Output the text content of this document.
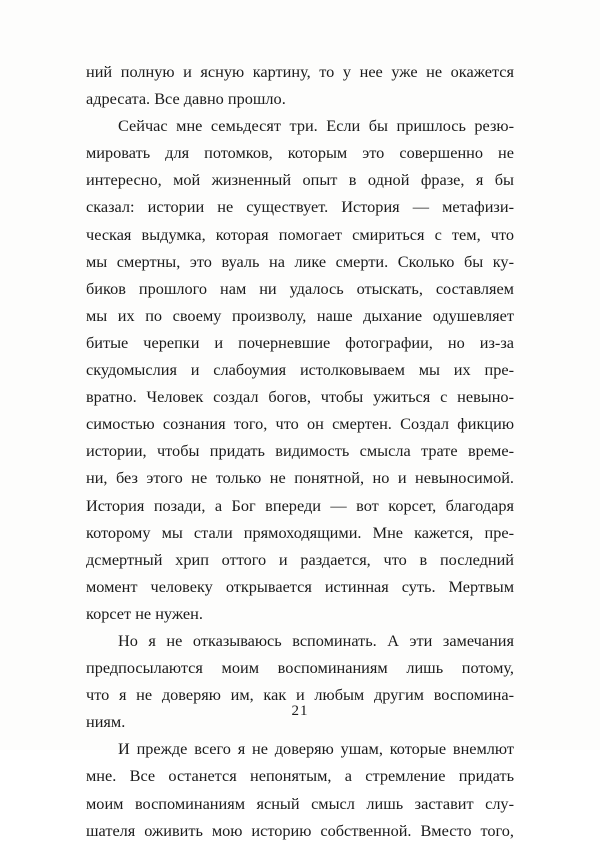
ний полную и ясную картину, то у нее уже не окажется
адресата. Все давно прошло.
Сейчас мне семьдесят три. Если бы пришлось резю-
мировать для потомков, которым это совершенно не
интересно, мой жизненный опыт в одной фразе, я бы
сказал: истории не существует. История — метафизи-
ческая выдумка, которая помогает смириться с тем, что
мы смертны, это вуаль на лике смерти. Сколько бы ку-
биков прошлого нам ни удалось отыскать, составляем
мы их по своему произволу, наше дыхание одушевляет
битые черепки и почерневшие фотографии, но из-за
скудомыслия и слабоумия истолковываем мы их пре-
вратно. Человек создал богов, чтобы ужиться с невыно-
симостью сознания того, что он смертен. Создал фикцию
истории, чтобы придать видимость смысла трате време-
ни, без этого не только не понятной, но и невыносимой.
История позади, а Бог впереди — вот корсет, благодаря
которому мы стали прямоходящими. Мне кажется, пре-
дсмертный хрип оттого и раздается, что в последний
момент человеку открывается истинная суть. Мертвым
корсет не нужен.
Но я не отказываюсь вспоминать. А эти замечания
предпосылаются моим воспоминаниям лишь потому,
что я не доверяю им, как и любым другим воспомина-
ниям.
И прежде всего я не доверяю ушам, которые внемлют
мне. Все останется непонятым, а стремление придать
моим воспоминаниям ясный смысл лишь заставит слу-
шателя оживить мою историю собственной. Вместо того,
21
